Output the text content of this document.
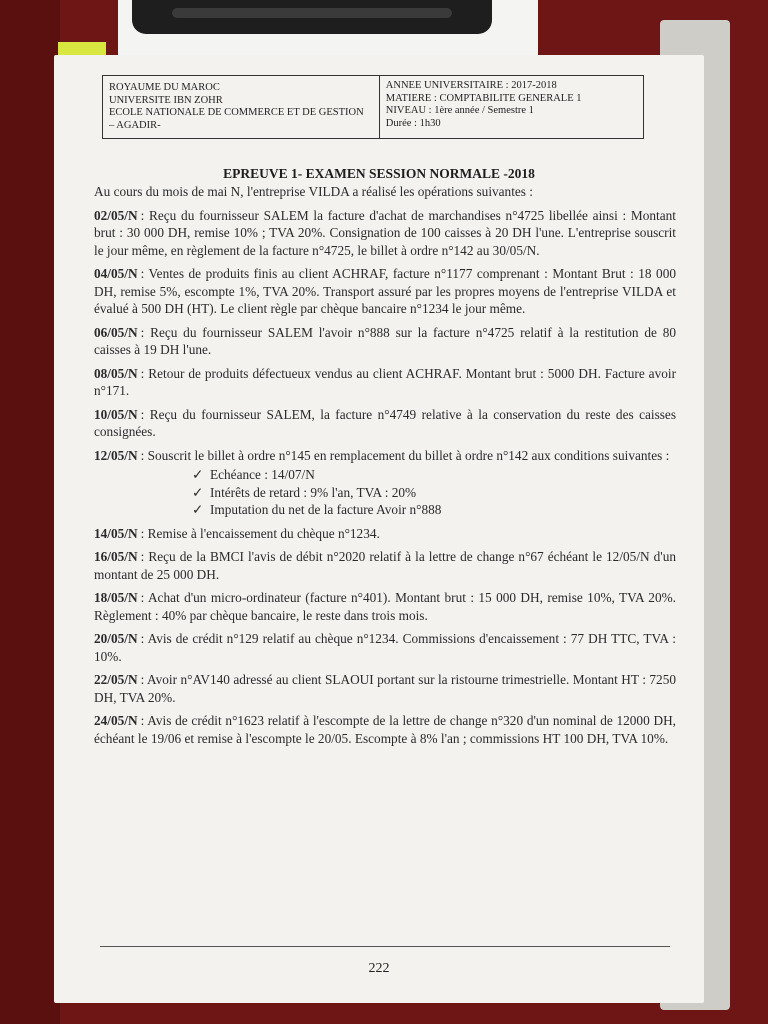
ROYAUME DU MAROC
UNIVERSITE IBN ZOHR
ECOLE NATIONALE DE COMMERCE ET DE GESTION
– AGADIR-
ANNEE UNIVERSITAIRE : 2017-2018
MATIERE : COMPTABILITE GENERALE 1
NIVEAU : 1ère année / Semestre 1
Durée : 1h30
EPREUVE 1- EXAMEN SESSION NORMALE -2018

Au cours du mois de mai N, l'entreprise VILDA a réalisé les opérations suivantes :

02/05/N : Reçu du fournisseur SALEM la facture d'achat de marchandises n°4725 libellée ainsi : Montant brut : 30 000 DH, remise 10% ; TVA 20%. Consignation de 100 caisses à 20 DH l'une. L'entreprise souscrit le jour même, en règlement de la facture n°4725, le billet à ordre n°142 au 30/05/N.

04/05/N : Ventes de produits finis au client ACHRAF, facture n°1177 comprenant : Montant Brut : 18 000 DH, remise 5%, escompte 1%, TVA 20%. Transport assuré par les propres moyens de l'entreprise VILDA et évalué à 500 DH (HT). Le client règle par chèque bancaire n°1234 le jour même.

06/05/N : Reçu du fournisseur SALEM l'avoir n°888 sur la facture n°4725 relatif à la restitution de 80 caisses à 19 DH l'une.

08/05/N : Retour de produits défectueux vendus au client ACHRAF. Montant brut : 5000 DH. Facture avoir n°171.

10/05/N : Reçu du fournisseur SALEM, la facture n°4749 relative à la conservation du reste des caisses consignées.

12/05/N : Souscrit le billet à ordre n°145 en remplacement du billet à ordre n°142 aux conditions suivantes :

✓ Echéance : 14/07/N
✓ Intérêts de retard : 9% l'an, TVA : 20%
✓ Imputation du net de la facture Avoir n°888

14/05/N : Remise à l'encaissement du chèque n°1234.

16/05/N : Reçu de la BMCI l'avis de débit n°2020 relatif à la lettre de change n°67 échéant le 12/05/N d'un montant de 25 000 DH.

18/05/N : Achat d'un micro-ordinateur (facture n°401). Montant brut : 15 000 DH, remise 10%, TVA 20%. Règlement : 40% par chèque bancaire, le reste dans trois mois.

20/05/N : Avis de crédit n°129 relatif au chèque n°1234. Commissions d'encaissement : 77 DH TTC, TVA : 10%.

22/05/N : Avoir n°AV140 adressé au client SLAOUI portant sur la ristourne trimestrielle. Montant HT : 7250 DH, TVA 20%.

24/05/N : Avis de crédit n°1623 relatif à l'escompte de la lettre de change n°320 d'un nominal de 12000 DH, échéant le 19/06 et remise à l'escompte le 20/05. Escompte à 8% l'an ; commissions HT 100 DH, TVA 10%.

222
